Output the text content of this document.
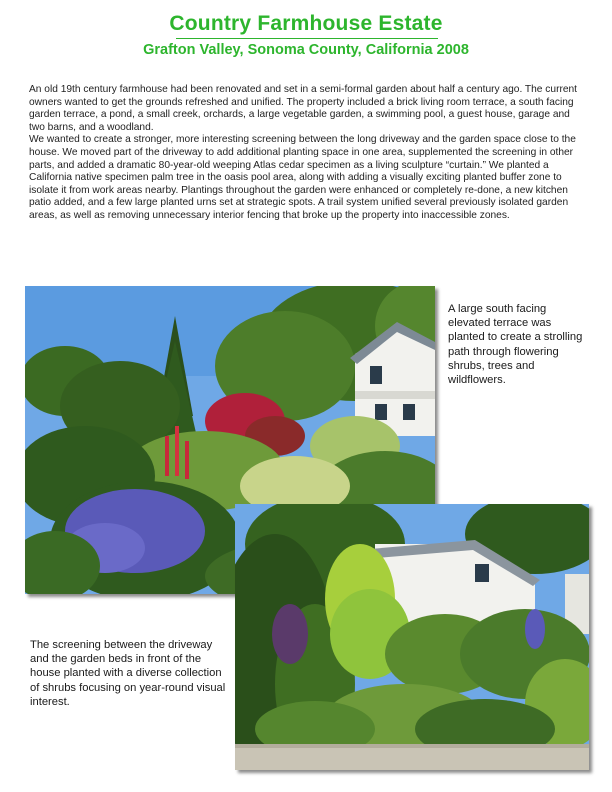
Country Farmhouse Estate
Grafton Valley, Sonoma County, California 2008

An old 19th century farmhouse had been renovated and set in a semi-formal garden about half a century ago. The current owners wanted to get the grounds refreshed and unified. The property included a brick living room terrace, a south facing garden terrace, a pond, a small creek, orchards, a large vegetable garden, a swimming pool, a guest house, garage and two barns, and a woodland.

We wanted to create a stronger, more interesting screening between the long driveway and the garden space close to the house. We moved part of the driveway to add additional planting space in one area, supplemented the screening in other parts, and added a dramatic 80-year-old weeping Atlas cedar specimen as a living sculpture “curtain.” We planted a California native specimen palm tree in the oasis pool area, along with adding a visually exciting planted buffer zone to isolate it from work areas nearby. Plantings throughout the garden were enhanced or completely re-done, a new kitchen patio added, and a few large planted urns set at strategic spots. A trail system unified several previously isolated garden areas, as well as removing unnecessary interior fencing that broke up the property into inaccessible zones.

A large south facing elevated terrace was planted to create a strolling path through flowering shrubs, trees and wildflowers.
The screening between the driveway and the garden beds in front of the house planted with a diverse collection of shrubs focusing on year-round visual interest.
